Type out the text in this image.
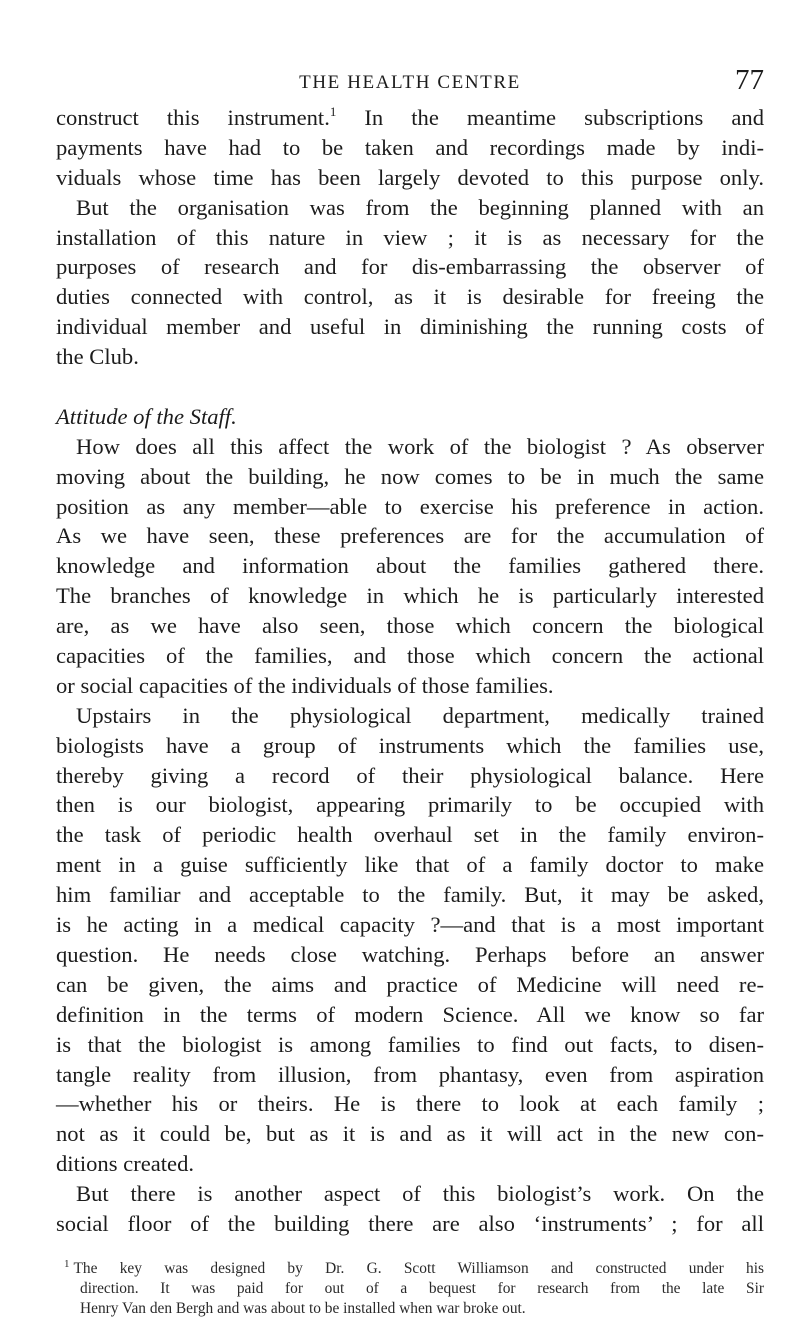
THE HEALTH CENTRE	77
construct this instrument.$^1$ In the meantime subscriptions and
payments have had to be taken and recordings made by indi-
viduals whose time has been largely devoted to this purpose only.
But the organisation was from the beginning planned with an
installation of this nature in view ; it is as necessary for the
purposes of research and for dis-embarrassing the observer of
duties connected with control, as it is desirable for freeing the
individual member and useful in diminishing the running costs of
the Club.
Attitude of the Staff.
How does all this affect the work of the biologist ? As observer
moving about the building, he now comes to be in much the same
position as any member—able to exercise his preference in action.
As we have seen, these preferences are for the accumulation of
knowledge and information about the families gathered there.
The branches of knowledge in which he is particularly interested
are, as we have also seen, those which concern the biological
capacities of the families, and those which concern the actional
or social capacities of the individuals of those families.
Upstairs in the physiological department, medically trained
biologists have a group of instruments which the families use,
thereby giving a record of their physiological balance. Here
then is our biologist, appearing primarily to be occupied with
the task of periodic health overhaul set in the family environ-
ment in a guise sufficiently like that of a family doctor to make
him familiar and acceptable to the family. But, it may be asked,
is he acting in a medical capacity ?—and that is a most important
question. He needs close watching. Perhaps before an answer
can be given, the aims and practice of Medicine will need re-
definition in the terms of modern Science. All we know so far
is that the biologist is among families to find out facts, to disen-
tangle reality from illusion, from phantasy, even from aspiration
—whether his or theirs. He is there to look at each family ;
not as it could be, but as it is and as it will act in the new con-
ditions created.
But there is another aspect of this biologist’s work. On the
social floor of the building there are also ‘instruments’ ; for all
$^1$ The key was designed by Dr. G. Scott Williamson and constructed under his
direction. It was paid for out of a bequest for research from the late Sir
Henry Van den Bergh and was about to be installed when war broke out.
